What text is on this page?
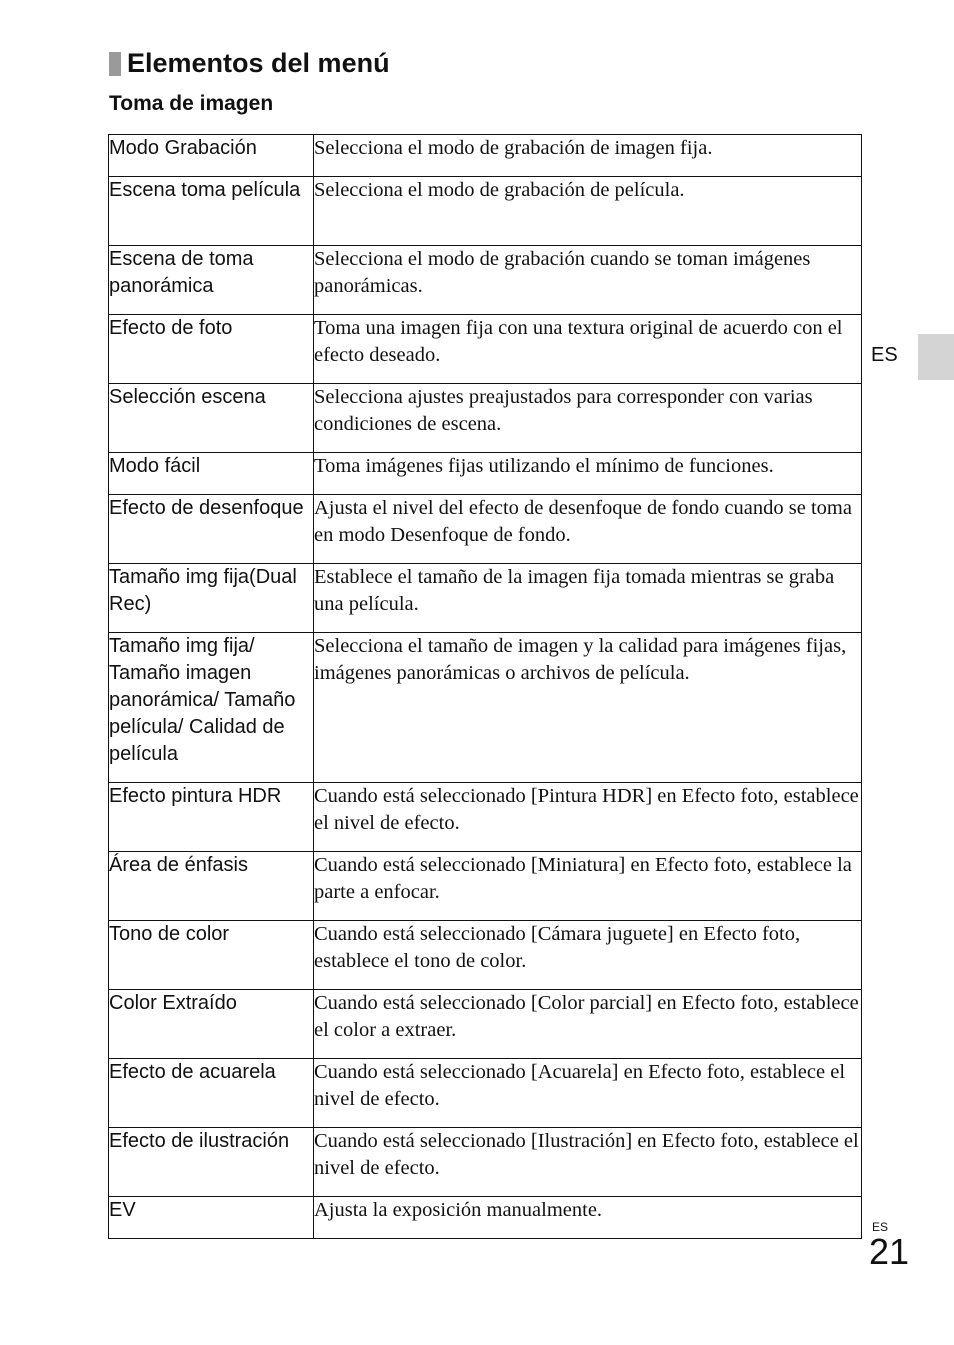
Elementos del menú
Toma de imagen
Modo Grabación	Selecciona el modo de grabación de imagen fija.
Escena toma película	Selecciona el modo de grabación de película.
Escena de toma panorámica	Selecciona el modo de grabación cuando se toman imágenes panorámicas.
Efecto de foto	Toma una imagen fija con una textura original de acuerdo con el efecto deseado.
Selección escena	Selecciona ajustes preajustados para corresponder con varias condiciones de escena.
Modo fácil	Toma imágenes fijas utilizando el mínimo de funciones.
Efecto de desenfoque	Ajusta el nivel del efecto de desenfoque de fondo cuando se toma en modo Desenfoque de fondo.
Tamaño img fija(Dual Rec)	Establece el tamaño de la imagen fija tomada mientras se graba una película.
Tamaño img fija/ Tamaño imagen panorámica/ Tamaño película/ Calidad de película	Selecciona el tamaño de imagen y la calidad para imágenes fijas, imágenes panorámicas o archivos de película.
Efecto pintura HDR	Cuando está seleccionado [Pintura HDR] en Efecto foto, establece el nivel de efecto.
Área de énfasis	Cuando está seleccionado [Miniatura] en Efecto foto, establece la parte a enfocar.
Tono de color	Cuando está seleccionado [Cámara juguete] en Efecto foto, establece el tono de color.
Color Extraído	Cuando está seleccionado [Color parcial] en Efecto foto, establece el color a extraer.
Efecto de acuarela	Cuando está seleccionado [Acuarela] en Efecto foto, establece el nivel de efecto.
Efecto de ilustración	Cuando está seleccionado [Ilustración] en Efecto foto, establece el nivel de efecto.
EV	Ajusta la exposición manualmente.
ES
ES
21
